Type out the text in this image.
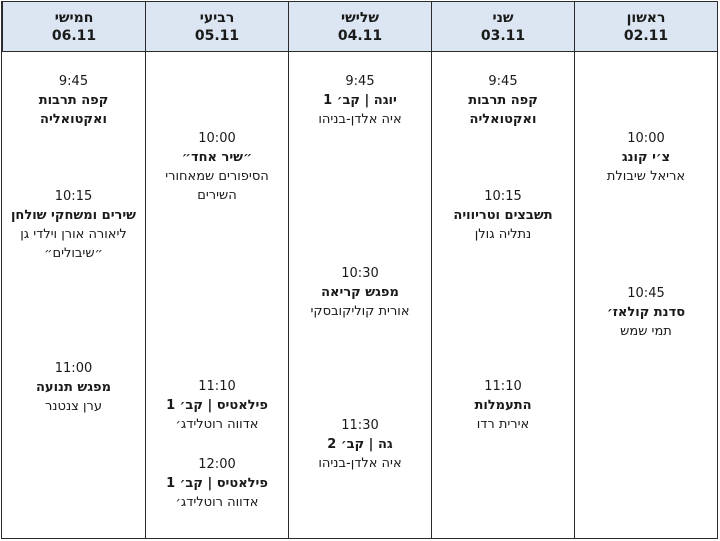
ראשון
02.11
שני
03.11
שלישי
04.11
רביעי
05.11
חמישי
06.11
10:00
צ׳י קונג
אריאל שיבולת
10:45
סדנת קולאז׳
תמי שמש
9:45
קפה תרבות ואקטואליה
10:15
תשבצים וטריוויה
נתליה גולן
11:10
התעמלות
אירית רדו
9:45
יוגה | קב׳ 1
איה אלדן-בניהו
10:30
מפגש קריאה
אורית קוליקובסקי
11:30
גה | קב׳ 2
איה אלדן-בניהו
10:00
״שיר אחד״
הסיפורים שמאחורי השירים
11:10
פילאטיס | קב׳ 1
אדווה רוטלידג׳
12:00
פילאטיס | קב׳ 1
אדווה רוטלידג׳
9:45
קפה תרבות ואקטואליה
10:15
שירים ומשחקי שולחן
ליאורה אורן וילדי גן ״שיבולים״
11:00
מפגש תנועה
ערן צנטנר
